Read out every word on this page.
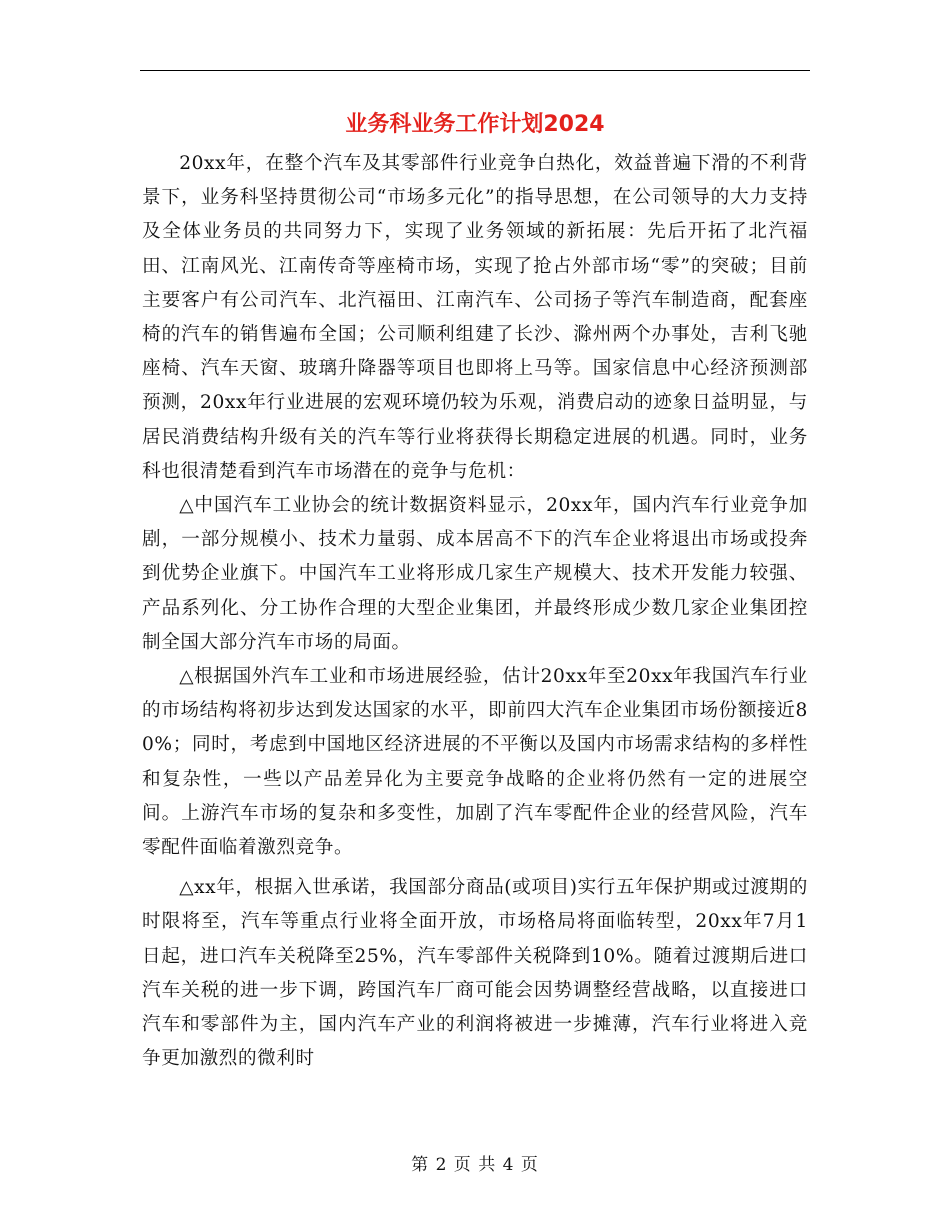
业务科业务工作计划2024

20xx年，在整个汽车及其零部件行业竞争白热化，效益普遍下滑的不利背景下，业务科坚持贯彻公司“市场多元化”的指导思想，在公司领导的大力支持及全体业务员的共同努力下，实现了业务领域的新拓展：先后开拓了北汽福田、江南风光、江南传奇等座椅市场，实现了抢占外部市场“零”的突破；目前主要客户有公司汽车、北汽福田、江南汽车、公司扬子等汽车制造商，配套座椅的汽车的销售遍布全国；公司顺利组建了长沙、滁州两个办事处，吉利飞驰座椅、汽车天窗、玻璃升降器等项目也即将上马等。国家信息中心经济预测部预测，20xx年行业进展的宏观环境仍较为乐观，消费启动的迹象日益明显，与居民消费结构升级有关的汽车等行业将获得长期稳定进展的机遇。同时，业务科也很清楚看到汽车市场潜在的竞争与危机：

△中国汽车工业协会的统计数据资料显示，20xx年，国内汽车行业竞争加剧，一部分规模小、技术力量弱、成本居高不下的汽车企业将退出市场或投奔到优势企业旗下。中国汽车工业将形成几家生产规模大、技术开发能力较强、产品系列化、分工协作合理的大型企业集团，并最终形成少数几家企业集团控制全国大部分汽车市场的局面。

△根据国外汽车工业和市场进展经验，估计20xx年至20xx年我国汽车行业的市场结构将初步达到发达国家的水平，即前四大汽车企业集团市场份额接近80%；同时，考虑到中国地区经济进展的不平衡以及国内市场需求结构的多样性和复杂性，一些以产品差异化为主要竞争战略的企业将仍然有一定的进展空间。上游汽车市场的复杂和多变性，加剧了汽车零配件企业的经营风险，汽车零配件面临着激烈竞争。

△xx年，根据入世承诺，我国部分商品(或项目)实行五年保护期或过渡期的时限将至，汽车等重点行业将全面开放，市场格局将面临转型，20xx年7月1日起，进口汽车关税降至25%，汽车零部件关税降到10%。随着过渡期后进口汽车关税的进一步下调，跨国汽车厂商可能会因势调整经营战略，以直接进口汽车和零部件为主，国内汽车产业的利润将被进一步摊薄，汽车行业将进入竞争更加激烈的微利时

第 2 页 共 4 页
